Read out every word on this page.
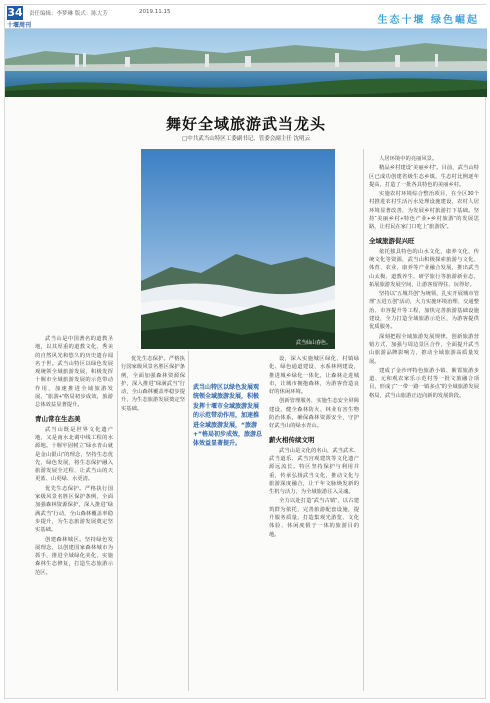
34
十堰周刊
责任编辑：李梦琳 版式：陈大芳	2019.11.15
生态十堰 绿色崛起
舞好全域旅游武当龙头
□中共武当山特区工委副书记、管委会副主任 沈明云
武当仙山春色。

武当山是中国著名的道教圣地，以其厚重的道教文化、秀美的自然风光和悠久的历史遗存闻名于世。武当山特区以绿色发展观统领全域旅游发展，积极发挥十堰市全域旅游发展的示范带动作用，加速推进全域旅游发展，“旅游+”格局初步成效，旅游总体效益显著提升。

青山常在生态美

武当山既是世界文化遗产地，又是南水北调中线工程的水源地。十堰牢固树立“绿水青山就是金山银山”的理念，坚持生态优先，绿色发展，将生态保护融入旅游发展全过程，让武当山的天更蓝、山更绿、水更清。

优先生态保护。严格执行国家级风景名胜区保护条例，全面加强森林资源保护，深入推进“绿满武当”行动，全山森林覆盖率稳步提升，为生态旅游发展奠定坚实基础。

创建森林城区。坚持绿色发展理念，以创建国家森林城市为抓手，推进全域绿化美化，实施森林生态修复，打造生态旅游示范区。

优先生态保护。严格执行国家级风景名胜区保护条例，全面加强森林资源保护，深入推进“绿满武当”行动，全山森林覆盖率稳步提升，为生态旅游发展奠定坚实基础。

武当山特区以绿色发展观统领全域旅游发展，积极发挥十堰市全域旅游发展的示范带动作用，加速推进全域旅游发展，“旅游+”格局初步成效，旅游总体效益显著提升。

设，深入实施城区绿化、村镇绿化、绿色通道建设、水系林网建设，推进城乡绿化一体化，让森林走进城市，让城市拥抱森林，为游客营造良好的休闲环境。

创新管理服务，实施生态安全屏障建设，健全森林防火、林业有害生物防治体系，确保森林资源安全，守护好武当山的绿水青山。

薪火相传续文明

武当山是文化的名山，武当武术、武当道乐、武当宫观建筑等文化遗产源远流长。特区坚持保护与利用并重，传承弘扬武当文化，推动文化与旅游深度融合，让千年文脉焕发新的生机与活力，为全域旅游注入灵魂。

全力以赴打造“武当古镇”，以古建筑群为依托，完善旅游配套设施，提升服务质量，打造集观光游览、文化体验、休闲度假于一体的旅游目的地。

人居环境中的亮丽风景。

精品乡村建设“美丽乡村”。目前，武当山特区已成功创建省级生态乡镇，生态村比例逐年提高，打造了一批各具特色的美丽乡村。

实施农村环境综合整治项目，在全区30个村推进农村生活污水处理设施建设，农村人居环境显著改善，为发展乡村旅游打下基础。坚持“美丽乡村+特色产业+乡村旅游”的发展思路，让村民在家门口吃上“旅游饭”。

全域旅游促兴旺

依托独具特色的山水文化、康养文化、传统文化等资源，武当山积极探索旅游与文化、体育、农业、康养等产业融合发展，推出武当山太极、道教养生、研学旅行等旅游新业态，拓展旅游发展空间，让游客留得住、玩得好。

坚持以“五城共创”为统领，扎实开展城市管理“五进五创”活动，大力实施环境治理、交通整治、市容提升等工程，加快完善旅游基础设施建设，全力打造全域旅游示范区，为游客提供优质服务。

深刻把握全域旅游发展规律，创新旅游营销方式，加强与周边景区合作，全面提升武当山旅游品牌影响力，推动全域旅游高质量发展。

建成了金沙坪特色旅游小镇、紫霄旅游步道、元和观农家乐示范村等一批文旅融合项目，形成了“一带一路一镇多点”的全域旅游发展格局，武当山旅游正迈向新的发展阶段。
